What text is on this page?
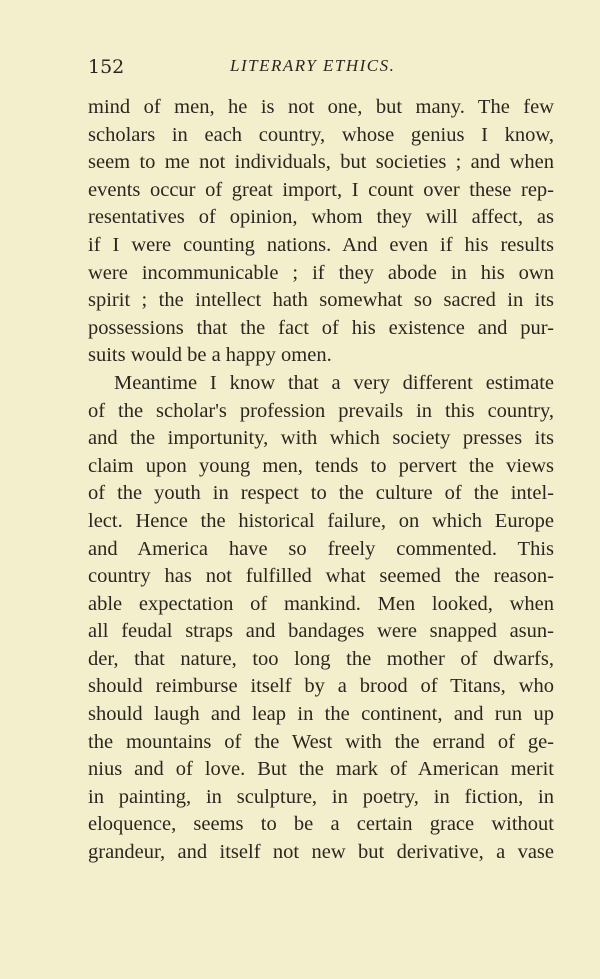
152	LITERARY ETHICS.
mind of men, he is not one, but many. The few
scholars in each country, whose genius I know,
seem to me not individuals, but societies ; and when
events occur of great import, I count over these rep-
resentatives of opinion, whom they will affect, as
if I were counting nations. And even if his results
were incommunicable ; if they abode in his own
spirit ; the intellect hath somewhat so sacred in its
possessions that the fact of his existence and pur-
suits would be a happy omen.
Meantime I know that a very different estimate
of the scholar's profession prevails in this country,
and the importunity, with which society presses its
claim upon young men, tends to pervert the views
of the youth in respect to the culture of the intel-
lect. Hence the historical failure, on which Europe
and America have so freely commented. This
country has not fulfilled what seemed the reason-
able expectation of mankind. Men looked, when
all feudal straps and bandages were snapped asun-
der, that nature, too long the mother of dwarfs,
should reimburse itself by a brood of Titans, who
should laugh and leap in the continent, and run up
the mountains of the West with the errand of ge-
nius and of love. But the mark of American merit
in painting, in sculpture, in poetry, in fiction, in
eloquence, seems to be a certain grace without
grandeur, and itself not new but derivative, a vase
